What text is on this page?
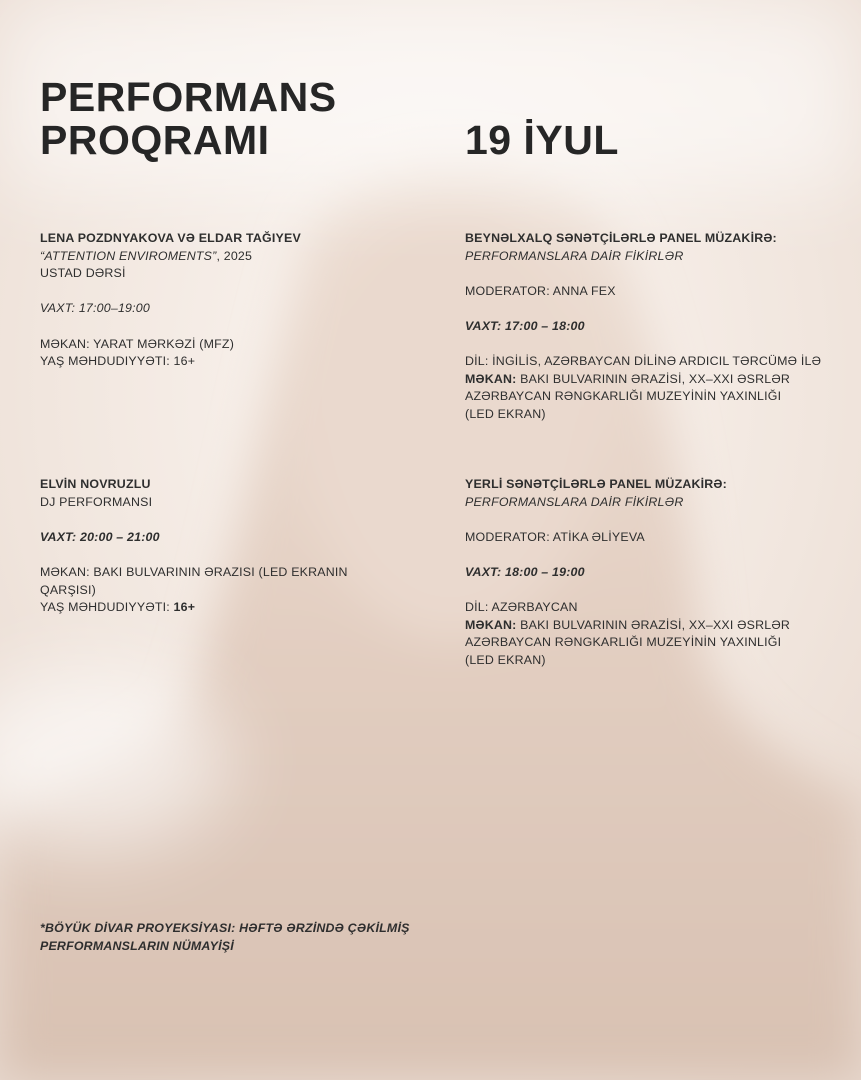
PERFORMANS
PROQRAMI	19 İYUL
LENA POZDNYAKOVA VƏ ELDAR TAĞIYEV
“ATTENTION ENVIROMENTS”, 2025
USTAD DƏRSİ
VAXT: 17:00–19:00
MƏKAN: YARAT MƏRKƏZİ (MFZ)
YAŞ MƏHDUDIYYƏTI: 16+
BEYNƏLXALQ SƏNƏTÇİLƏRLƏ PANEL MÜZAKİRƏ:
PERFORMANSLARA DAİR FİKİRLƏR
MODERATOR: ANNA FEX
VAXT: 17:00 – 18:00
DİL: İNGİLİS, AZƏRBAYCAN DİLİNƏ ARDICIL TƏRCÜMƏ İLƏ
MƏKAN: BAKI BULVARININ ƏRAZİSİ, XX–XXI ƏSRLƏR
AZƏRBAYCAN RƏNGKARLIĞI MUZEYİNİN YAXINLIĞI
(LED EKRAN)
ELVİN NOVRUZLU
DJ PERFORMANSI
VAXT: 20:00 – 21:00
MƏKAN: BAKI BULVARININ ƏRAZISI (LED EKRANIN
QARŞISI)
YAŞ MƏHDUDIYYƏTI: 16+
YERLİ SƏNƏTÇİLƏRLƏ PANEL MÜZAKİRƏ:
PERFORMANSLARA DAİR FİKİRLƏR
MODERATOR: ATİKA ƏLİYEVA
VAXT: 18:00 – 19:00
DİL: AZƏRBAYCAN
MƏKAN: BAKI BULVARININ ƏRAZİSİ, XX–XXI ƏSRLƏR
AZƏRBAYCAN RƏNGKARLIĞI MUZEYİNİN YAXINLIĞI
(LED EKRAN)
*BÖYÜK DİVAR PROYEKSİYASI: HƏFTƏ ƏRZİNDƏ ÇƏKİLMİŞ
PERFORMANSLARIN NÜMAYİŞİ
